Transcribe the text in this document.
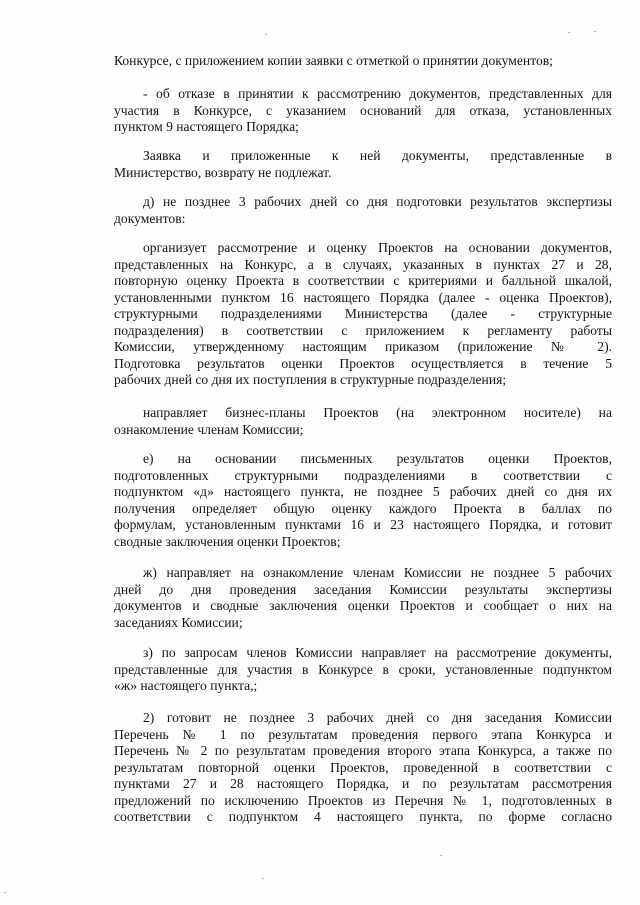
Конкурсе, с приложением копии заявки с отметкой о принятии документов;
- об отказе в принятии к рассмотрению документов, представленных для
участия в Конкурсе, с указанием оснований для отказа, установленных
пунктом 9 настоящего Порядка;
Заявка и приложенные к ней документы, представленные в
Министерство, возврату не подлежат.
д) не позднее 3 рабочих дней со дня подготовки результатов экспертизы
документов:
организует рассмотрение и оценку Проектов на основании документов,
представленных на Конкурс, а в случаях, указанных в пунктах 27 и 28,
повторную оценку Проекта в соответствии с критериями и балльной шкалой,
установленными пунктом 16 настоящего Порядка (далее - оценка Проектов),
структурными подразделениями Министерства (далее - структурные
подразделения) в соответствии с приложением к регламенту работы
Комиссии, утвержденному настоящим приказом (приложение № 2).
Подготовка результатов оценки Проектов осуществляется в течение 5
рабочих дней со дня их поступления в структурные подразделения;
направляет бизнес-планы Проектов (на электронном носителе) на
ознакомление членам Комиссии;
е) на основании письменных результатов оценки Проектов,
подготовленных структурными подразделениями в соответствии с
подпунктом «д» настоящего пункта, не позднее 5 рабочих дней со дня их
получения определяет общую оценку каждого Проекта в баллах по
формулам, установленным пунктами 16 и 23 настоящего Порядка, и готовит
сводные заключения оценки Проектов;
ж) направляет на ознакомление членам Комиссии не позднее 5 рабочих
дней до дня проведения заседания Комиссии результаты экспертизы
документов и сводные заключения оценки Проектов и сообщает о них на
заседаниях Комиссии;
з) по запросам членов Комиссии направляет на рассмотрение документы,
представленные для участия в Конкурсе в сроки, установленные подпунктом
«ж» настоящего пункта,;
2) готовит не позднее 3 рабочих дней со дня заседания Комиссии
Перечень № 1 по результатам проведения первого этапа Конкурса и
Перечень № 2 по результатам проведения второго этапа Конкурса, а также по
результатам повторной оценки Проектов, проведенной в соответствии с
пунктами 27 и 28 настоящего Порядка, и по результатам рассмотрения
предложений по исключению Проектов из Перечня № 1, подготовленных в
соответствии с подпунктом 4 настоящего пункта, по форме согласно
